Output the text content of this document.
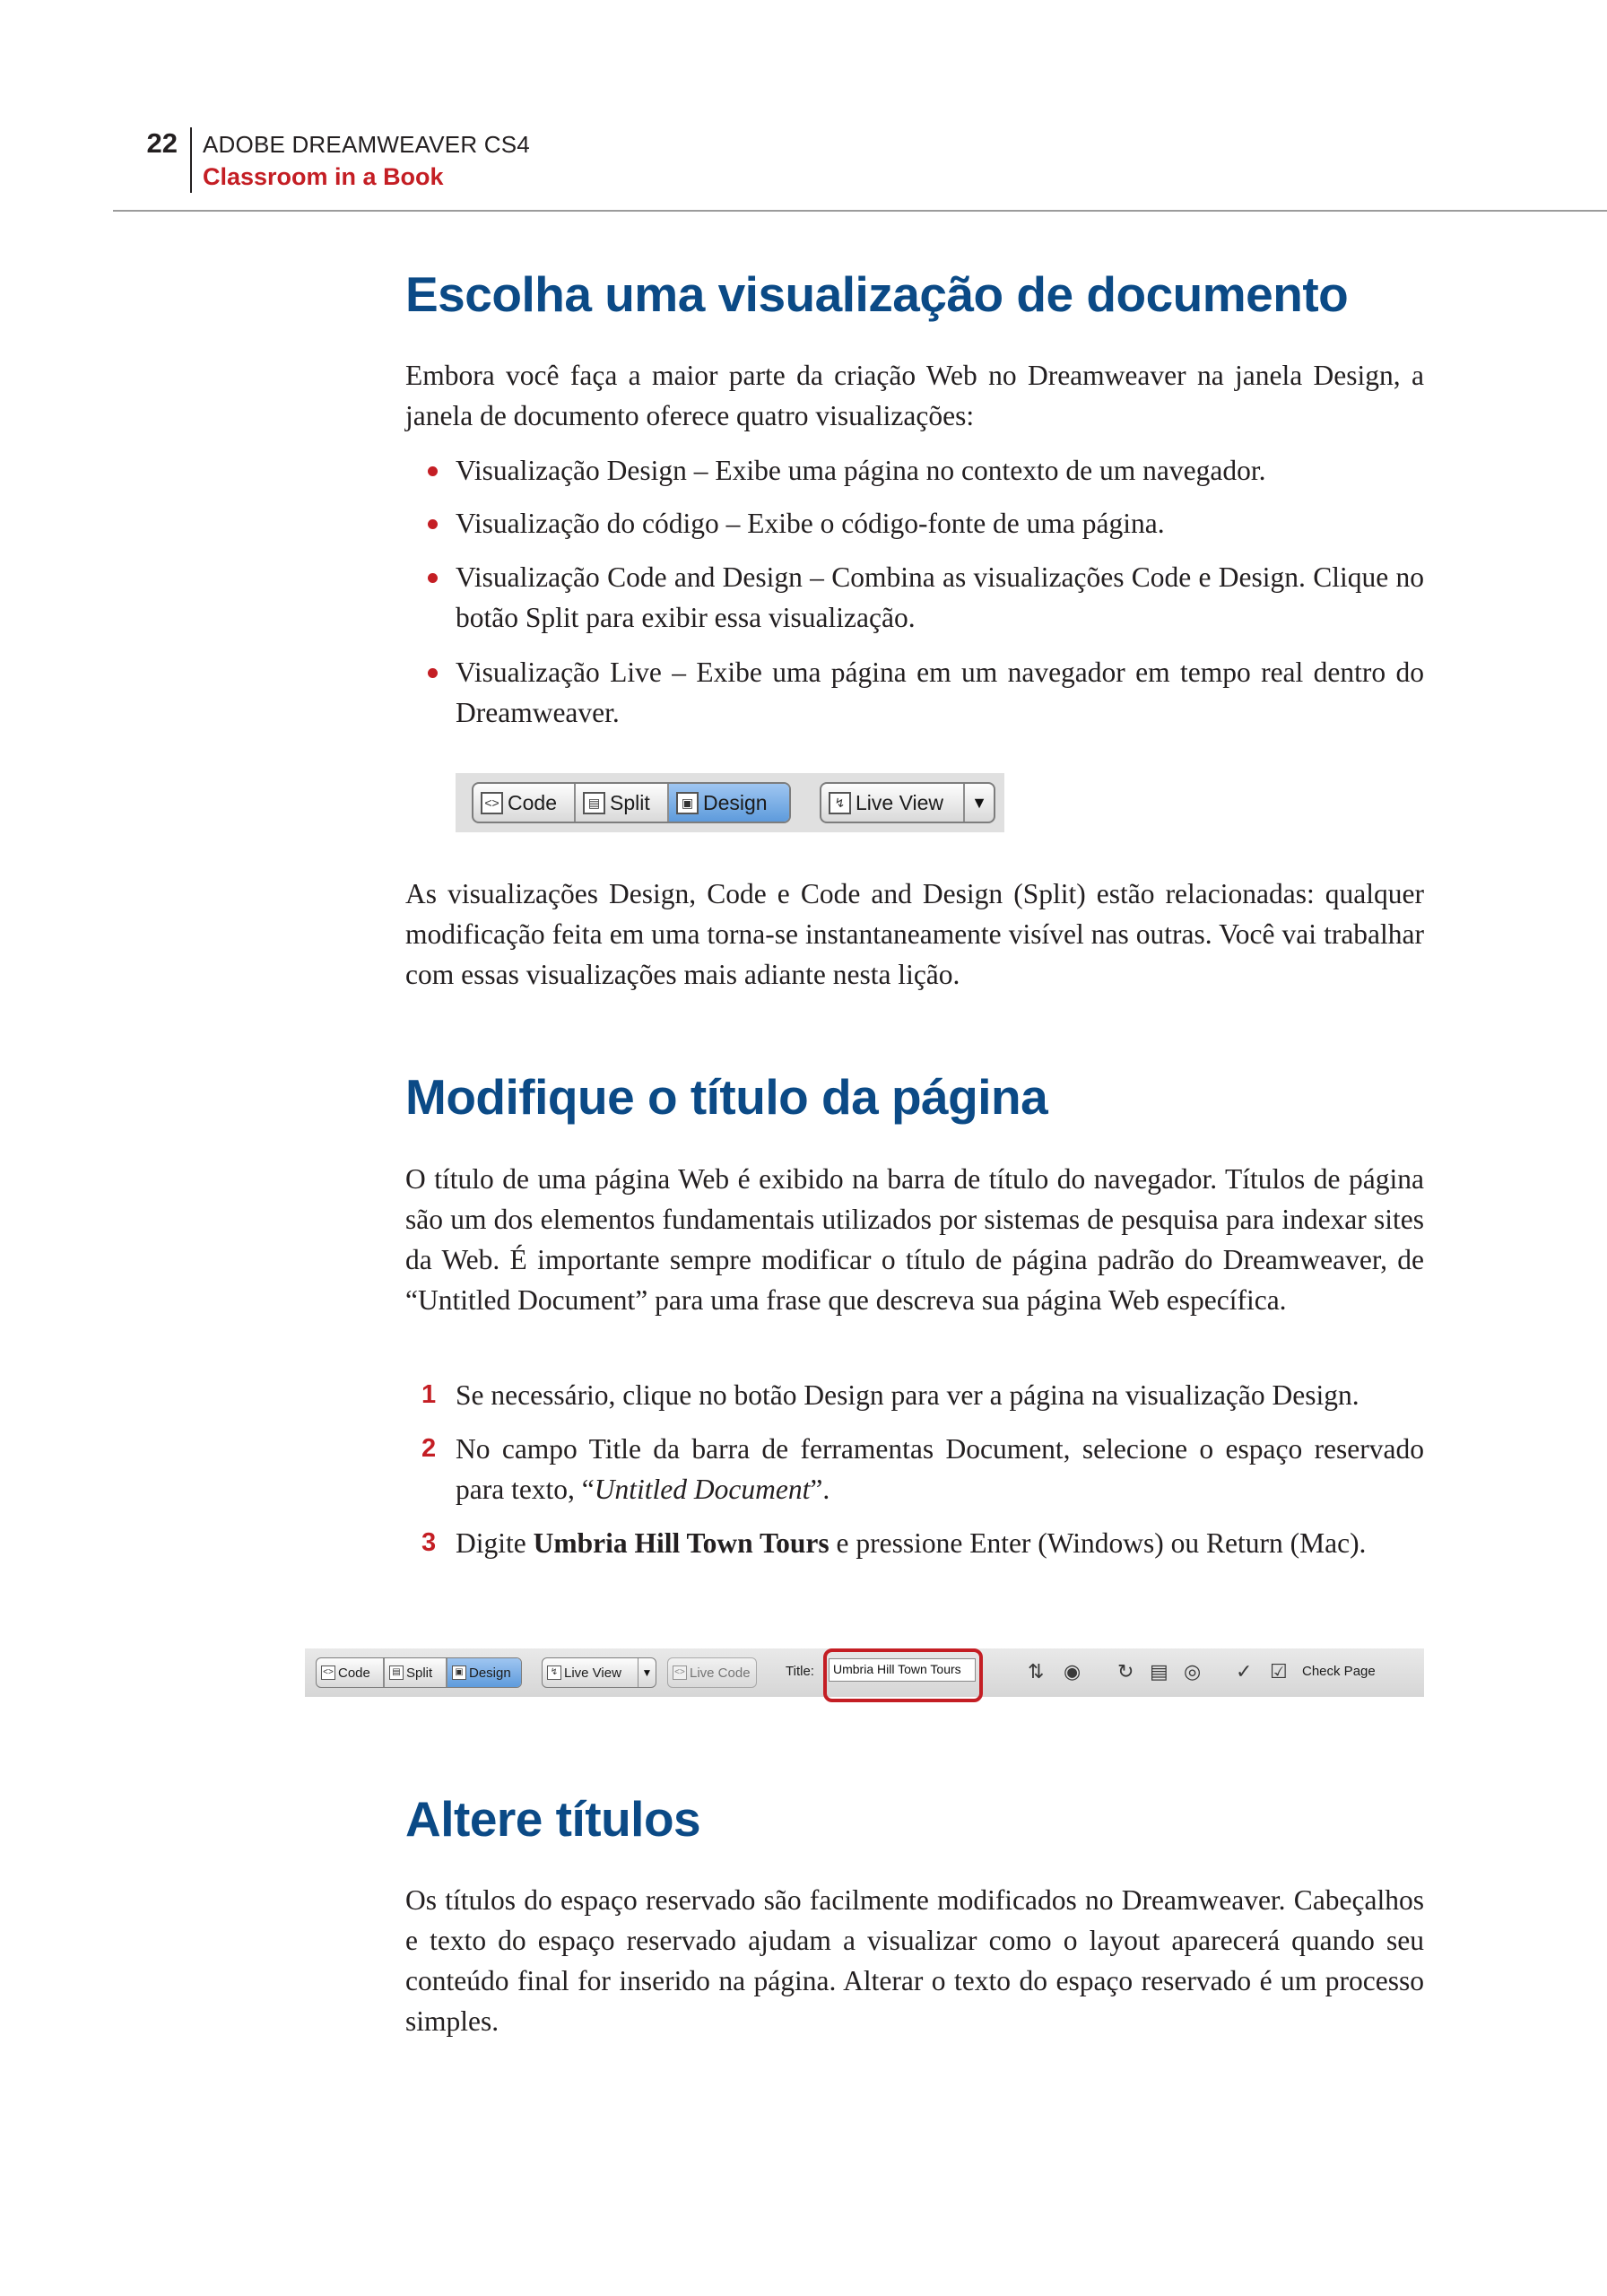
22 ADOBE DREAMWEAVER CS4
Classroom in a Book
Escolha uma visualização de documento

Embora você faça a maior parte da criação Web no Dreamweaver na janela Design, a janela de documento oferece quatro visualizações:

Visualização Design – Exibe uma página no contexto de um navegador.
Visualização do código – Exibe o código-fonte de uma página.
Visualização Code and Design – Combina as visualizações Code e Design. Clique no botão Split para exibir essa visualização.
Visualização Live – Exibe uma página em um navegador em tempo real dentro do Dreamweaver.
<> Code	▤ Split	▣ Design	↯ Live View	▼

As visualizações Design, Code e Code and Design (Split) estão relacionadas: qualquer modificação feita em uma torna-se instantaneamente visível nas outras. Você vai trabalhar com essas visualizações mais adiante nesta lição.

Modifique o título da página

O título de uma página Web é exibido na barra de título do navegador. Títulos de página são um dos elementos fundamentais utilizados por sistemas de pesquisa para indexar sites da Web. É importante sempre modificar o título de página padrão do Dreamweaver, de “Untitled Document” para uma frase que descreva sua página Web específica.

1 Se necessário, clique no botão Design para ver a página na visualização Design.
2 No campo Title da barra de ferramentas Document, selecione o espaço reservado para texto, “Untitled Document”.
3 Digite Umbria Hill Town Tours e pressione Enter (Windows) ou Return (Mac).
<> Code	▤ Split	▣ Design	↯ Live View	▼	<> Live Code	Title:	Umbria Hill Town Tours	⇅ ◉ ↻ ▤ ◎ ✓ ☑ Check Page
Altere títulos

Os títulos do espaço reservado são facilmente modificados no Dreamweaver. Cabeçalhos e texto do espaço reservado ajudam a visualizar como o layout aparecerá quando seu conteúdo final for inserido na página. Alterar o texto do espaço reservado é um processo simples.
